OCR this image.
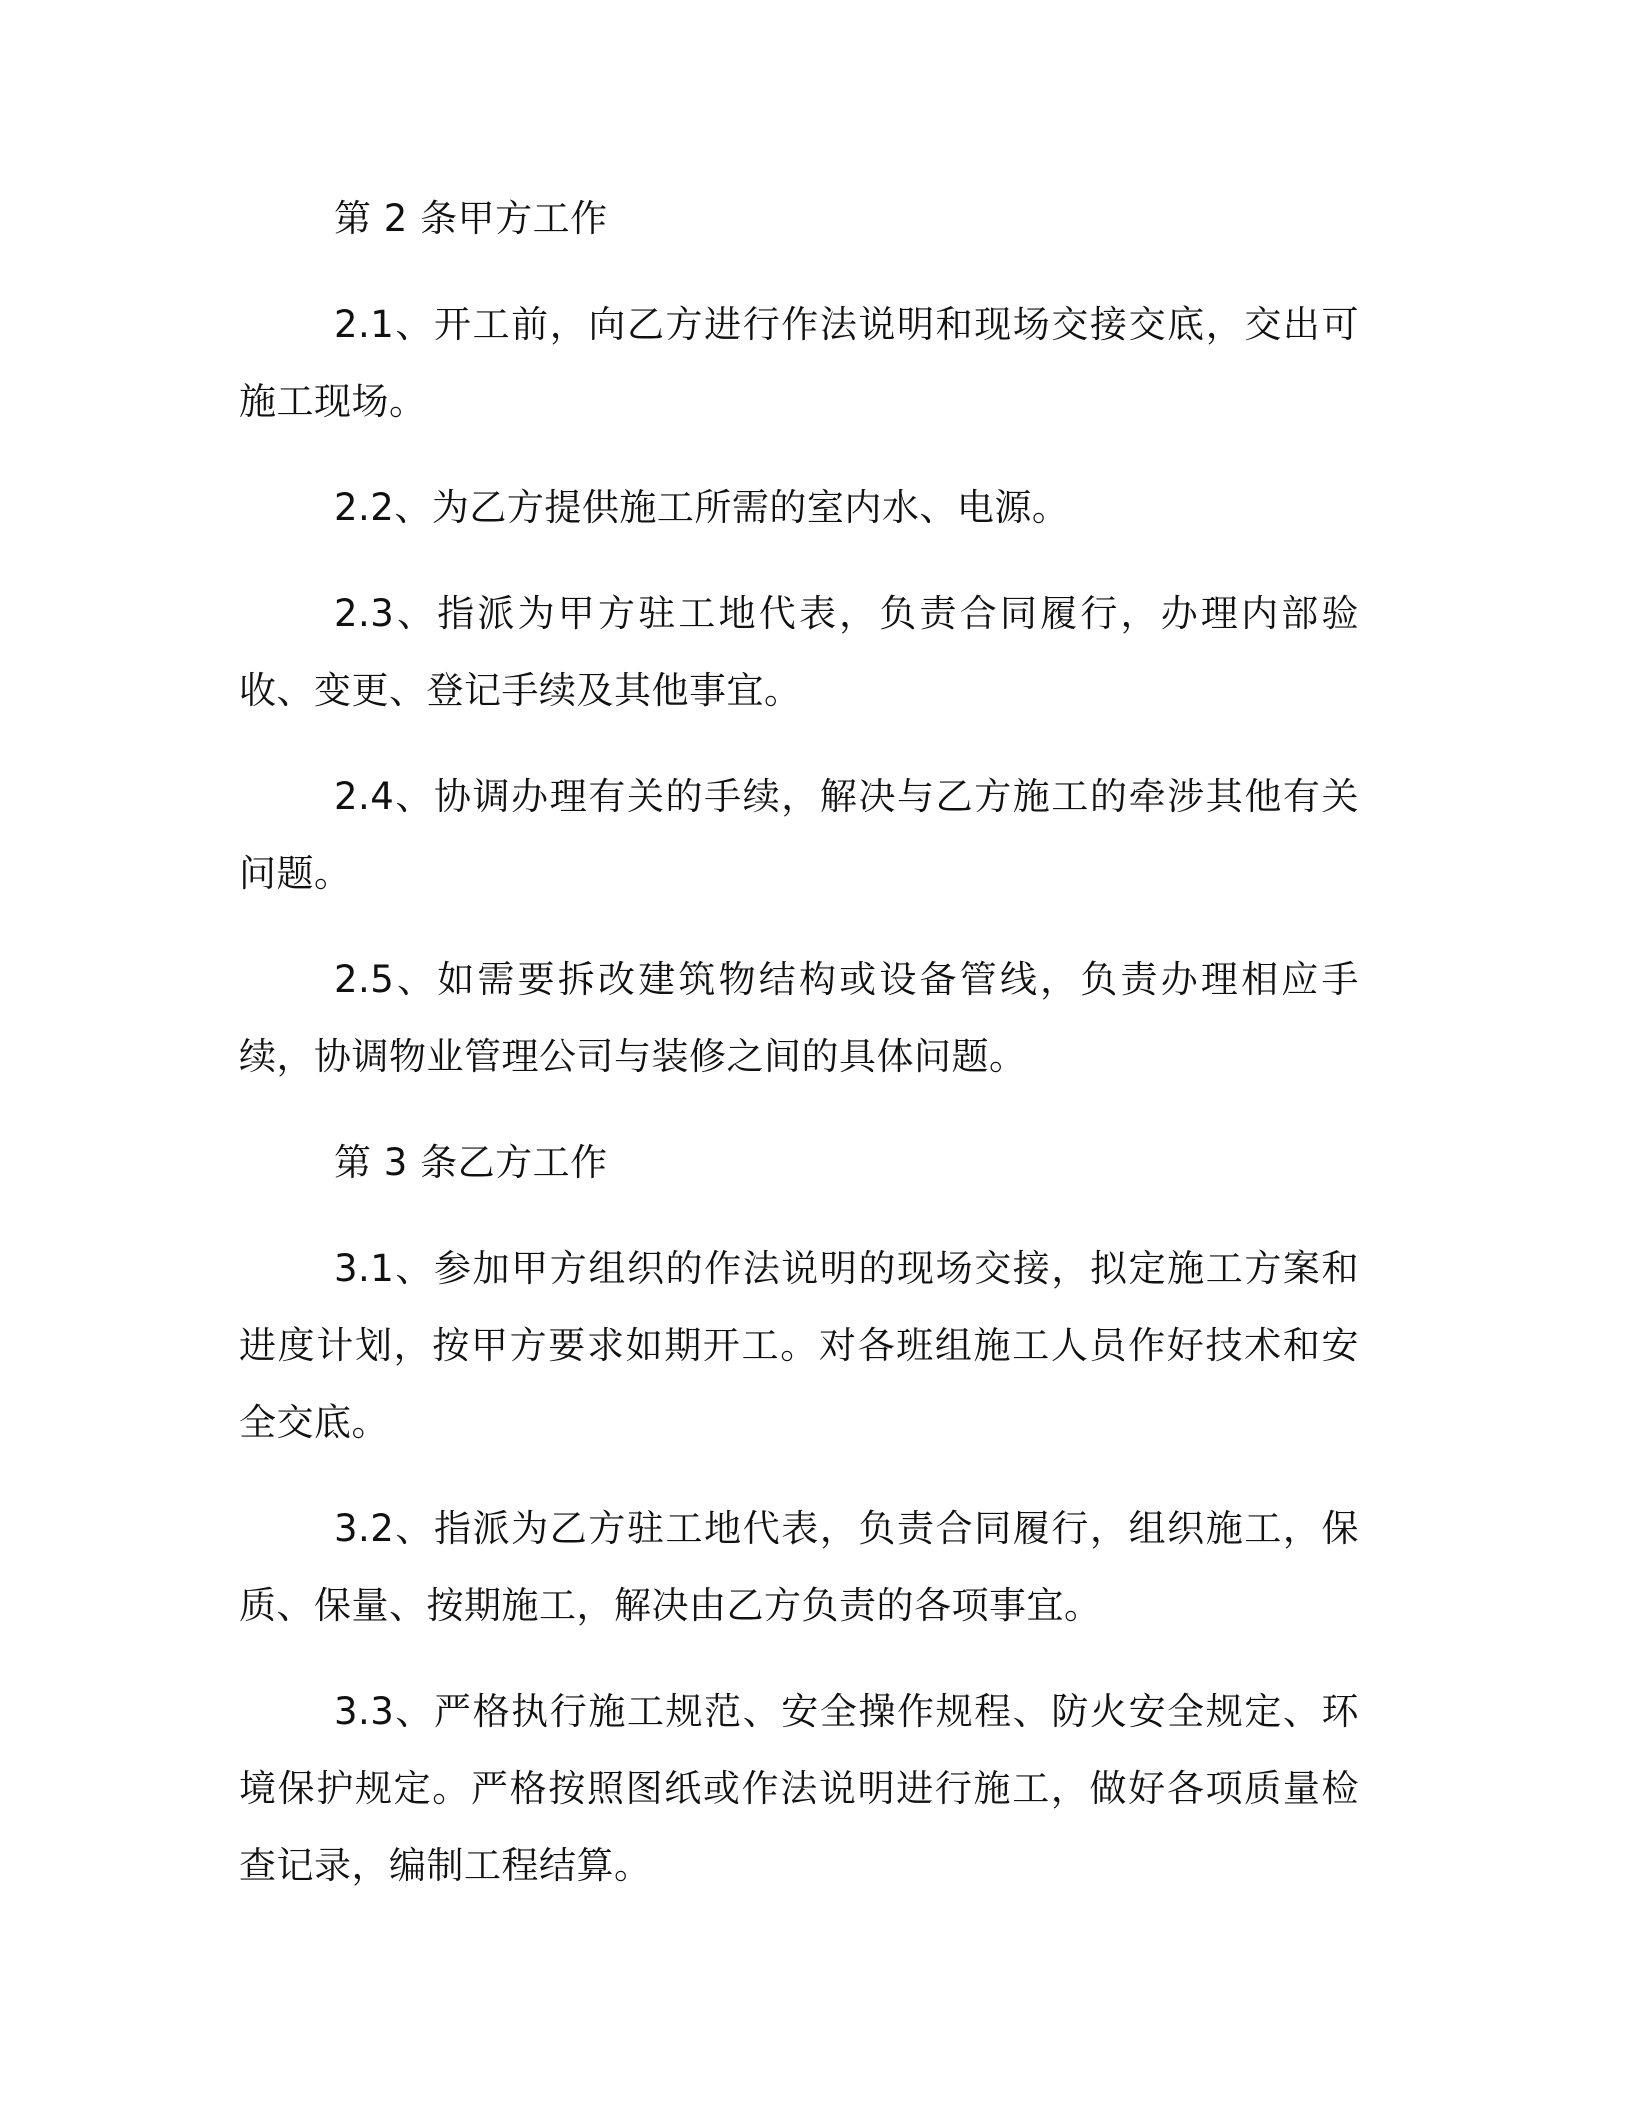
第 2 条甲方工作

2.1、开工前，向乙方进行作法说明和现场交接交底，交出可施工现场。

2.2、为乙方提供施工所需的室内水、电源。

2.3、指派为甲方驻工地代表，负责合同履行，办理内部验收、变更、登记手续及其他事宜。

2.4、协调办理有关的手续，解决与乙方施工的牵涉其他有关问题。

2.5、如需要拆改建筑物结构或设备管线，负责办理相应手续，协调物业管理公司与装修之间的具体问题。

第 3 条乙方工作

3.1、参加甲方组织的作法说明的现场交接，拟定施工方案和进度计划，按甲方要求如期开工。对各班组施工人员作好技术和安全交底。

3.2、指派为乙方驻工地代表，负责合同履行，组织施工，保质、保量、按期施工，解决由乙方负责的各项事宜。

3.3、严格执行施工规范、安全操作规程、防火安全规定、环境保护规定。严格按照图纸或作法说明进行施工，做好各项质量检查记录，编制工程结算。
